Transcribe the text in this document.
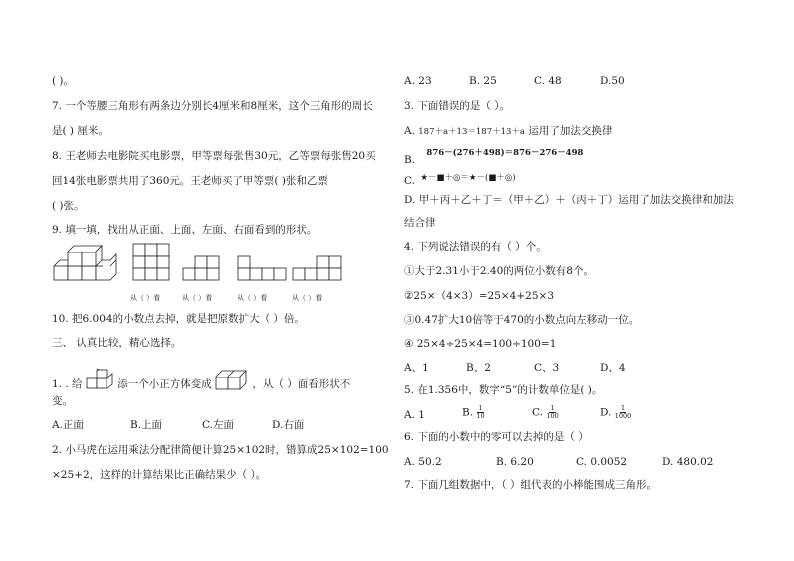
( )。
7. 一个等腰三角形有两条边分别长4厘米和8厘米，这个三角形的周长
是( ) 厘米。
8. 王老师去电影院买电影票，甲等票每张售30元，乙等票每张售20买
回14张电影票共用了360元。王老师买了甲等票( )张和乙票
( )张。
9. 填一填，找出从正面、上面、左面、右面看到的形状。
从（ ）看	从（ ）看	从（ ）看	从（ ）看
10. 把6.004的小数点去掉，就是把原数扩大（ ）倍。
三、 认真比较，精心选择。
1. . 给	添一个小正方体变成	，从（ ）面看形状不
变。
A.正面	B.上面	C.左面	D.右面
2. 小马虎在运用乘法分配律简便计算25×102时，错算成25×102=100
×25+2，这样的计算结果比正确结果少（ ）。
A. 23	B. 25	C. 48	D.50
3. 下面错误的是（ ）。
A. 187＋a＋13＝187＋13＋a 运用了加法交换律
B. 876－(276＋498)＝876－276－498
C. ★－■＋◎＝★－(■＋◎)
D. 甲＋丙＋乙＋丁＝（甲＋乙）＋（丙＋丁）运用了加法交换律和加法
结合律
4. 下列说法错误的有（ ）个。
①大于2.31小于2.40的两位小数有8个。
②25×（4×3）=25×4+25×3
③0.47扩大10倍等于470的小数点向左移动一位。
④ 25×4÷25×4=100÷100=1
A、1	B、2	C、3	D、4
5. 在1.356中，数字“5”的计数单位是( )。
A. 1	B. $\frac{1}{10}$	C. $\frac{1}{100}$	D. $\frac{1}{1000}$
6. 下面的小数中的零可以去掉的是（ ）
A. 50.2	B. 6.20	C. 0.0052	D. 480.02
7. 下面几组数据中，（ ）组代表的小棒能围成三角形。
